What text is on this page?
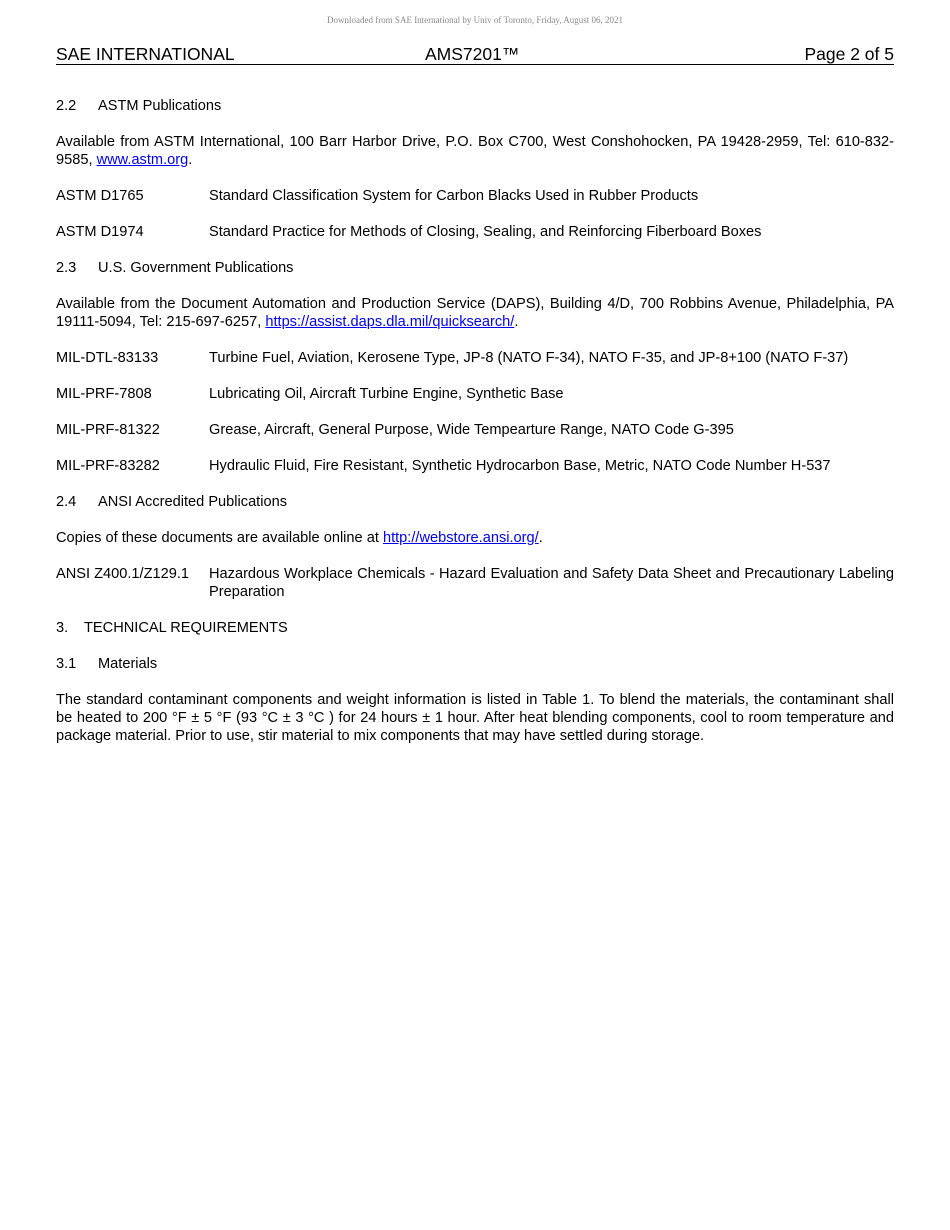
Downloaded from SAE International by Univ of Toronto, Friday, August 06, 2021
SAE INTERNATIONAL	AMS7201™	Page 2 of 5
2.2 ASTM Publications

Available from ASTM International, 100 Barr Harbor Drive, P.O. Box C700, West Conshohocken, PA 19428-2959, Tel: 610-832-9585, www.astm.org.

ASTM D1765	Standard Classification System for Carbon Blacks Used in Rubber Products
ASTM D1974	Standard Practice for Methods of Closing, Sealing, and Reinforcing Fiberboard Boxes
2.3 U.S. Government Publications

Available from the Document Automation and Production Service (DAPS), Building 4/D, 700 Robbins Avenue, Philadelphia, PA 19111-5094, Tel: 215-697-6257, https://assist.daps.dla.mil/quicksearch/.

MIL-DTL-83133	Turbine Fuel, Aviation, Kerosene Type, JP-8 (NATO F-34), NATO F-35, and JP-8+100 (NATO F-37)
MIL-PRF-7808	Lubricating Oil, Aircraft Turbine Engine, Synthetic Base
MIL-PRF-81322	Grease, Aircraft, General Purpose, Wide Tempearture Range, NATO Code G-395
MIL-PRF-83282	Hydraulic Fluid, Fire Resistant, Synthetic Hydrocarbon Base, Metric, NATO Code Number H-537
2.4 ANSI Accredited Publications

Copies of these documents are available online at http://webstore.ansi.org/.

ANSI Z400.1/Z129.1	Hazardous Workplace Chemicals - Hazard Evaluation and Safety Data Sheet and Precautionary Labeling Preparation
3. TECHNICAL REQUIREMENTS
3.1 Materials

The standard contaminant components and weight information is listed in Table 1. To blend the materials, the contaminant shall be heated to 200 °F ± 5 °F (93 °C ± 3 °C ) for 24 hours ± 1 hour. After heat blending components, cool to room temperature and package material. Prior to use, stir material to mix components that may have settled during storage.
